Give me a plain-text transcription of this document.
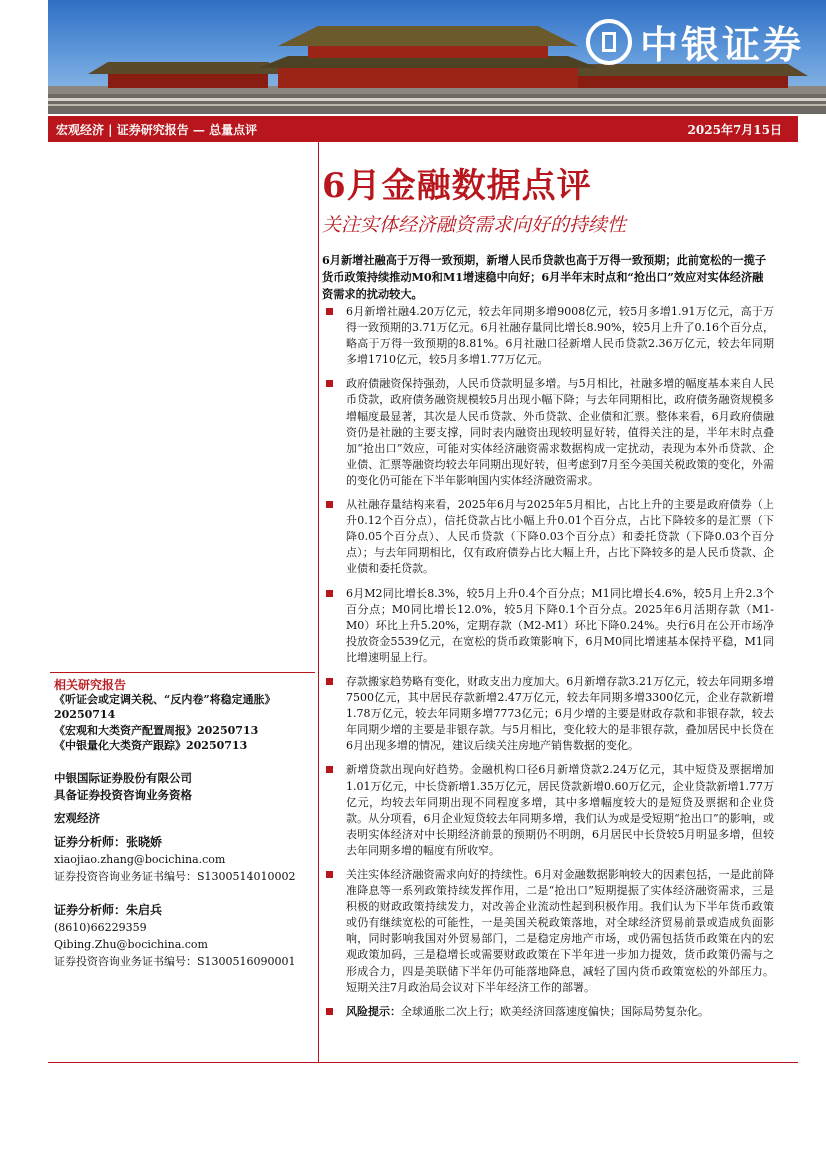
中银证券
宏观经济 | 证券研究报告 — 总量点评	2025年7月15日
6月金融数据点评
关注实体经济融资需求向好的持续性
6月新增社融高于万得一致预期，新增人民币贷款也高于万得一致预期；此前宽松的一揽子货币政策持续推动M0和M1增速稳中向好；6月半年末时点和“抢出口”效应对实体经济融资需求的扰动较大。
6月新增社融4.20万亿元，较去年同期多增9008亿元，较5月多增1.91万亿元，高于万得一致预期的3.71万亿元。6月社融存量同比增长8.90%，较5月上升了0.16个百分点，略高于万得一致预期的8.81%。6月社融口径新增人民币贷款2.36万亿元，较去年同期多增1710亿元，较5月多增1.77万亿元。
政府债融资保持强劲，人民币贷款明显多增。与5月相比，社融多增的幅度基本来自人民币贷款，政府债务融资规模较5月出现小幅下降；与去年同期相比，政府债务融资规模多增幅度最显著，其次是人民币贷款、外币贷款、企业债和汇票。整体来看，6月政府债融资仍是社融的主要支撑，同时表内融资出现较明显好转，值得关注的是，半年末时点叠加“抢出口”效应，可能对实体经济融资需求数据构成一定扰动，表现为本外币贷款、企业债、汇票等融资均较去年同期出现好转，但考虑到7月至今美国关税政策的变化，外需的变化仍可能在下半年影响国内实体经济融资需求。
从社融存量结构来看，2025年6月与2025年5月相比，占比上升的主要是政府债券（上升0.12个百分点），信托贷款占比小幅上升0.01个百分点，占比下降较多的是汇票（下降0.05个百分点）、人民币贷款（下降0.03个百分点）和委托贷款（下降0.03个百分点）；与去年同期相比，仅有政府债券占比大幅上升，占比下降较多的是人民币贷款、企业债和委托贷款。
6月M2同比增长8.3%，较5月上升0.4个百分点；M1同比增长4.6%，较5月上升2.3个百分点；M0同比增长12.0%，较5月下降0.1个百分点。2025年6月活期存款（M1-M0）环比上升5.20%，定期存款（M2-M1）环比下降0.24%。央行6月在公开市场净投放资金5539亿元，在宽松的货币政策影响下，6月M0同比增速基本保持平稳，M1同比增速明显上行。
存款搬家趋势略有变化，财政支出力度加大。6月新增存款3.21万亿元，较去年同期多增7500亿元，其中居民存款新增2.47万亿元，较去年同期多增3300亿元，企业存款新增1.78万亿元，较去年同期多增7773亿元；6月少增的主要是财政存款和非银存款，较去年同期少增的主要是非银存款。与5月相比，变化较大的是非银存款，叠加居民中长贷在6月出现多增的情况，建议后续关注房地产销售数据的变化。
新增贷款出现向好趋势。金融机构口径6月新增贷款2.24万亿元，其中短贷及票据增加1.01万亿元，中长贷新增1.35万亿元，居民贷款新增0.60万亿元，企业贷款新增1.77万亿元，均较去年同期出现不同程度多增，其中多增幅度较大的是短贷及票据和企业贷款。从分项看，6月企业短贷较去年同期多增，我们认为或是受短期“抢出口”的影响，或表明实体经济对中长期经济前景的预期仍不明朗，6月居民中长贷较5月明显多增，但较去年同期多增的幅度有所收窄。
关注实体经济融资需求向好的持续性。6月对金融数据影响较大的因素包括，一是此前降准降息等一系列政策持续发挥作用，二是“抢出口”短期提振了实体经济融资需求，三是积极的财政政策持续发力，对改善企业流动性起到积极作用。我们认为下半年货币政策或仍有继续宽松的可能性，一是美国关税政策落地，对全球经济贸易前景或造成负面影响，同时影响我国对外贸易部门，二是稳定房地产市场，或仍需包括货币政策在内的宏观政策加码，三是稳增长或需要财政政策在下半年进一步加力提效，货币政策仍需与之形成合力，四是美联储下半年仍可能落地降息，减轻了国内货币政策宽松的外部压力。短期关注7月政治局会议对下半年经济工作的部署。
风险提示：全球通胀二次上行；欧美经济回落速度偏快；国际局势复杂化。
相关研究报告
《听证会或定调关税、“反内卷”将稳定通胀》
20250714
《宏观和大类资产配置周报》20250713
《中银量化大类资产跟踪》20250713
中银国际证券股份有限公司
具备证券投资咨询业务资格
宏观经济
证券分析师：张晓娇
xiaojiao.zhang@bocichina.com
证券投资咨询业务证书编号：S1300514010002
证券分析师：朱启兵
(8610)66229359
Qibing.Zhu@bocichina.com
证券投资咨询业务证书编号：S1300516090001
